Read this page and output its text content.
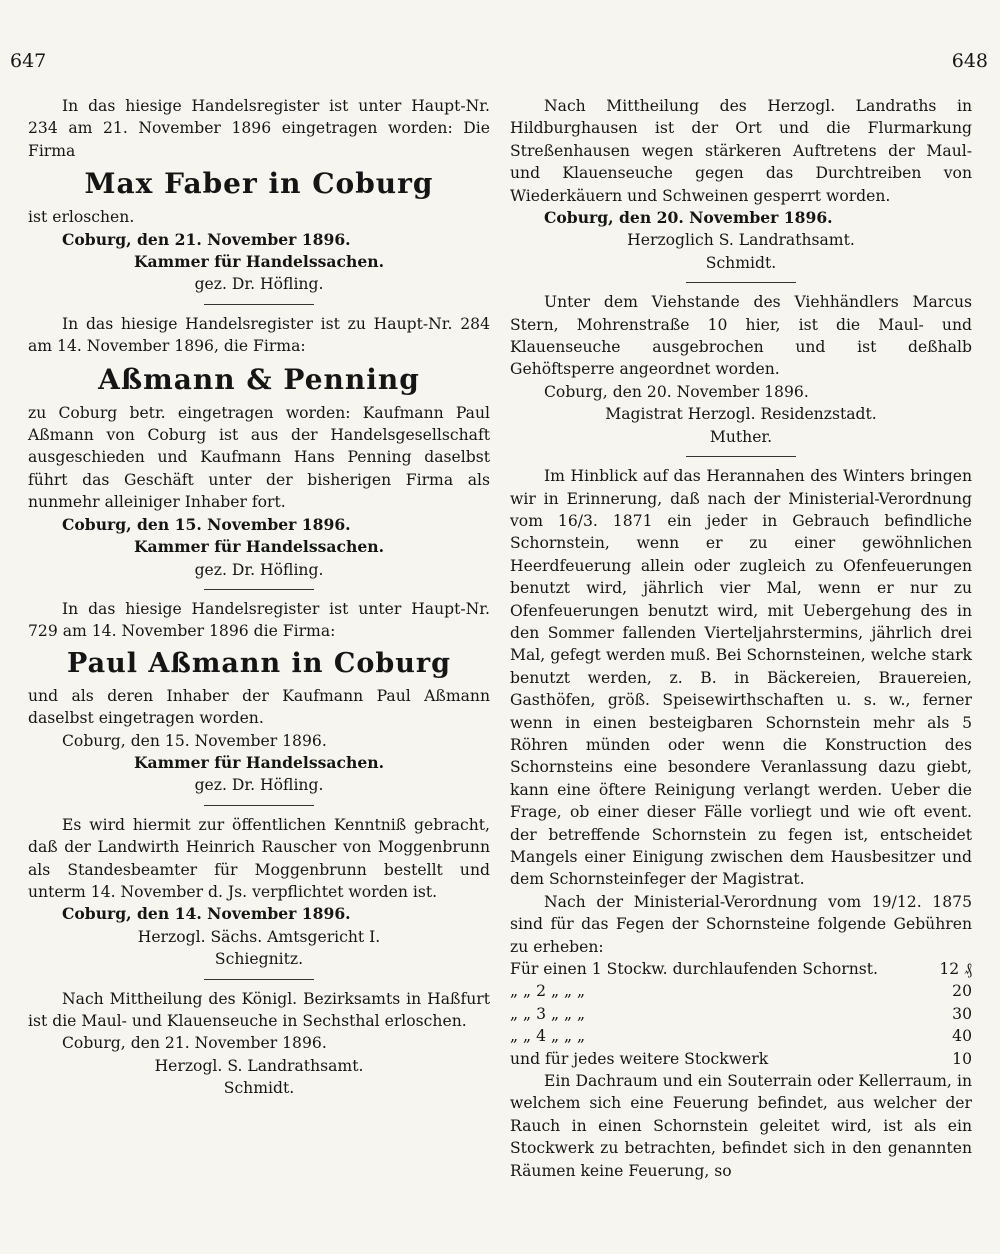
647	648

In das hiesige Handelsregister ist unter Haupt-Nr. 234 am 21. November 1896 eingetragen worden: Die Firma

Max Faber in Coburg

ist erloschen.

Coburg, den 21. November 1896.

Kammer für Handelssachen.

gez. Dr. Höfling.

In das hiesige Handelsregister ist zu Haupt-Nr. 284 am 14. November 1896, die Firma:

Aßmann & Penning

zu Coburg betr. eingetragen worden: Kaufmann Paul Aßmann von Coburg ist aus der Handelsgesellschaft ausgeschieden und Kaufmann Hans Penning daselbst führt das Geschäft unter der bisherigen Firma als nunmehr alleiniger Inhaber fort.

Coburg, den 15. November 1896.

Kammer für Handelssachen.

gez. Dr. Höfling.

In das hiesige Handelsregister ist unter Haupt-Nr. 729 am 14. November 1896 die Firma:

Paul Aßmann in Coburg

und als deren Inhaber der Kaufmann Paul Aßmann daselbst eingetragen worden.

Coburg, den 15. November 1896.

Kammer für Handelssachen.

gez. Dr. Höfling.

Es wird hiermit zur öffentlichen Kenntniß gebracht, daß der Landwirth Heinrich Rauscher von Moggenbrunn als Standesbeamter für Moggenbrunn bestellt und unterm 14. November d. Js. verpflichtet worden ist.

Coburg, den 14. November 1896.

Herzogl. Sächs. Amtsgericht I.

Schiegnitz.

Nach Mittheilung des Königl. Bezirksamts in Haßfurt ist die Maul- und Klauenseuche in Sechsthal erloschen.

Coburg, den 21. November 1896.

Herzogl. S. Landrathsamt.

Schmidt.

Nach Mittheilung des Herzogl. Landraths in Hildburghausen ist der Ort und die Flurmarkung Streßenhausen wegen stärkeren Auftretens der Maul- und Klauenseuche gegen das Durchtreiben von Wiederkäuern und Schweinen gesperrt worden.

Coburg, den 20. November 1896.

Herzoglich S. Landrathsamt.

Schmidt.

Unter dem Viehstande des Viehhändlers Marcus Stern, Mohrenstraße 10 hier, ist die Maul- und Klauenseuche ausgebrochen und ist deßhalb Gehöftsperre angeordnet worden.

Coburg, den 20. November 1896.

Magistrat Herzogl. Residenzstadt.

Muther.

Im Hinblick auf das Herannahen des Winters bringen wir in Erinnerung, daß nach der Ministerial-Verordnung vom 16/3. 1871 ein jeder in Gebrauch befindliche Schornstein, wenn er zu einer gewöhnlichen Heerdfeuerung allein oder zugleich zu Ofenfeuerungen benutzt wird, jährlich vier Mal, wenn er nur zu Ofenfeuerungen benutzt wird, mit Uebergehung des in den Sommer fallenden Vierteljahrstermins, jährlich drei Mal, gefegt werden muß. Bei Schornsteinen, welche stark benutzt werden, z. B. in Bäckereien, Brauereien, Gasthöfen, größ. Speisewirthschaften u. s. w., ferner wenn in einen besteigbaren Schornstein mehr als 5 Röhren münden oder wenn die Konstruction des Schornsteins eine besondere Veranlassung dazu giebt, kann eine öftere Reinigung verlangt werden. Ueber die Frage, ob einer dieser Fälle vorliegt und wie oft event. der betreffende Schornstein zu fegen ist, entscheidet Mangels einer Einigung zwischen dem Hausbesitzer und dem Schornsteinfeger der Magistrat.

Nach der Ministerial-Verordnung vom 19/12. 1875 sind für das Fegen der Schornsteine folgende Gebühren zu erheben:

Für einen 1 Stockw. durchlaufenden Schornst.	12 ₰
„ „ 2 „ „ „	20
„ „ 3 „ „ „	30
„ „ 4 „ „ „	40
und für jedes weitere Stockwerk	10

Ein Dachraum und ein Souterrain oder Kellerraum, in welchem sich eine Feuerung befindet, aus welcher der Rauch in einen Schornstein geleitet wird, ist als ein Stockwerk zu betrachten, befindet sich in den genannten Räumen keine Feuerung, so
